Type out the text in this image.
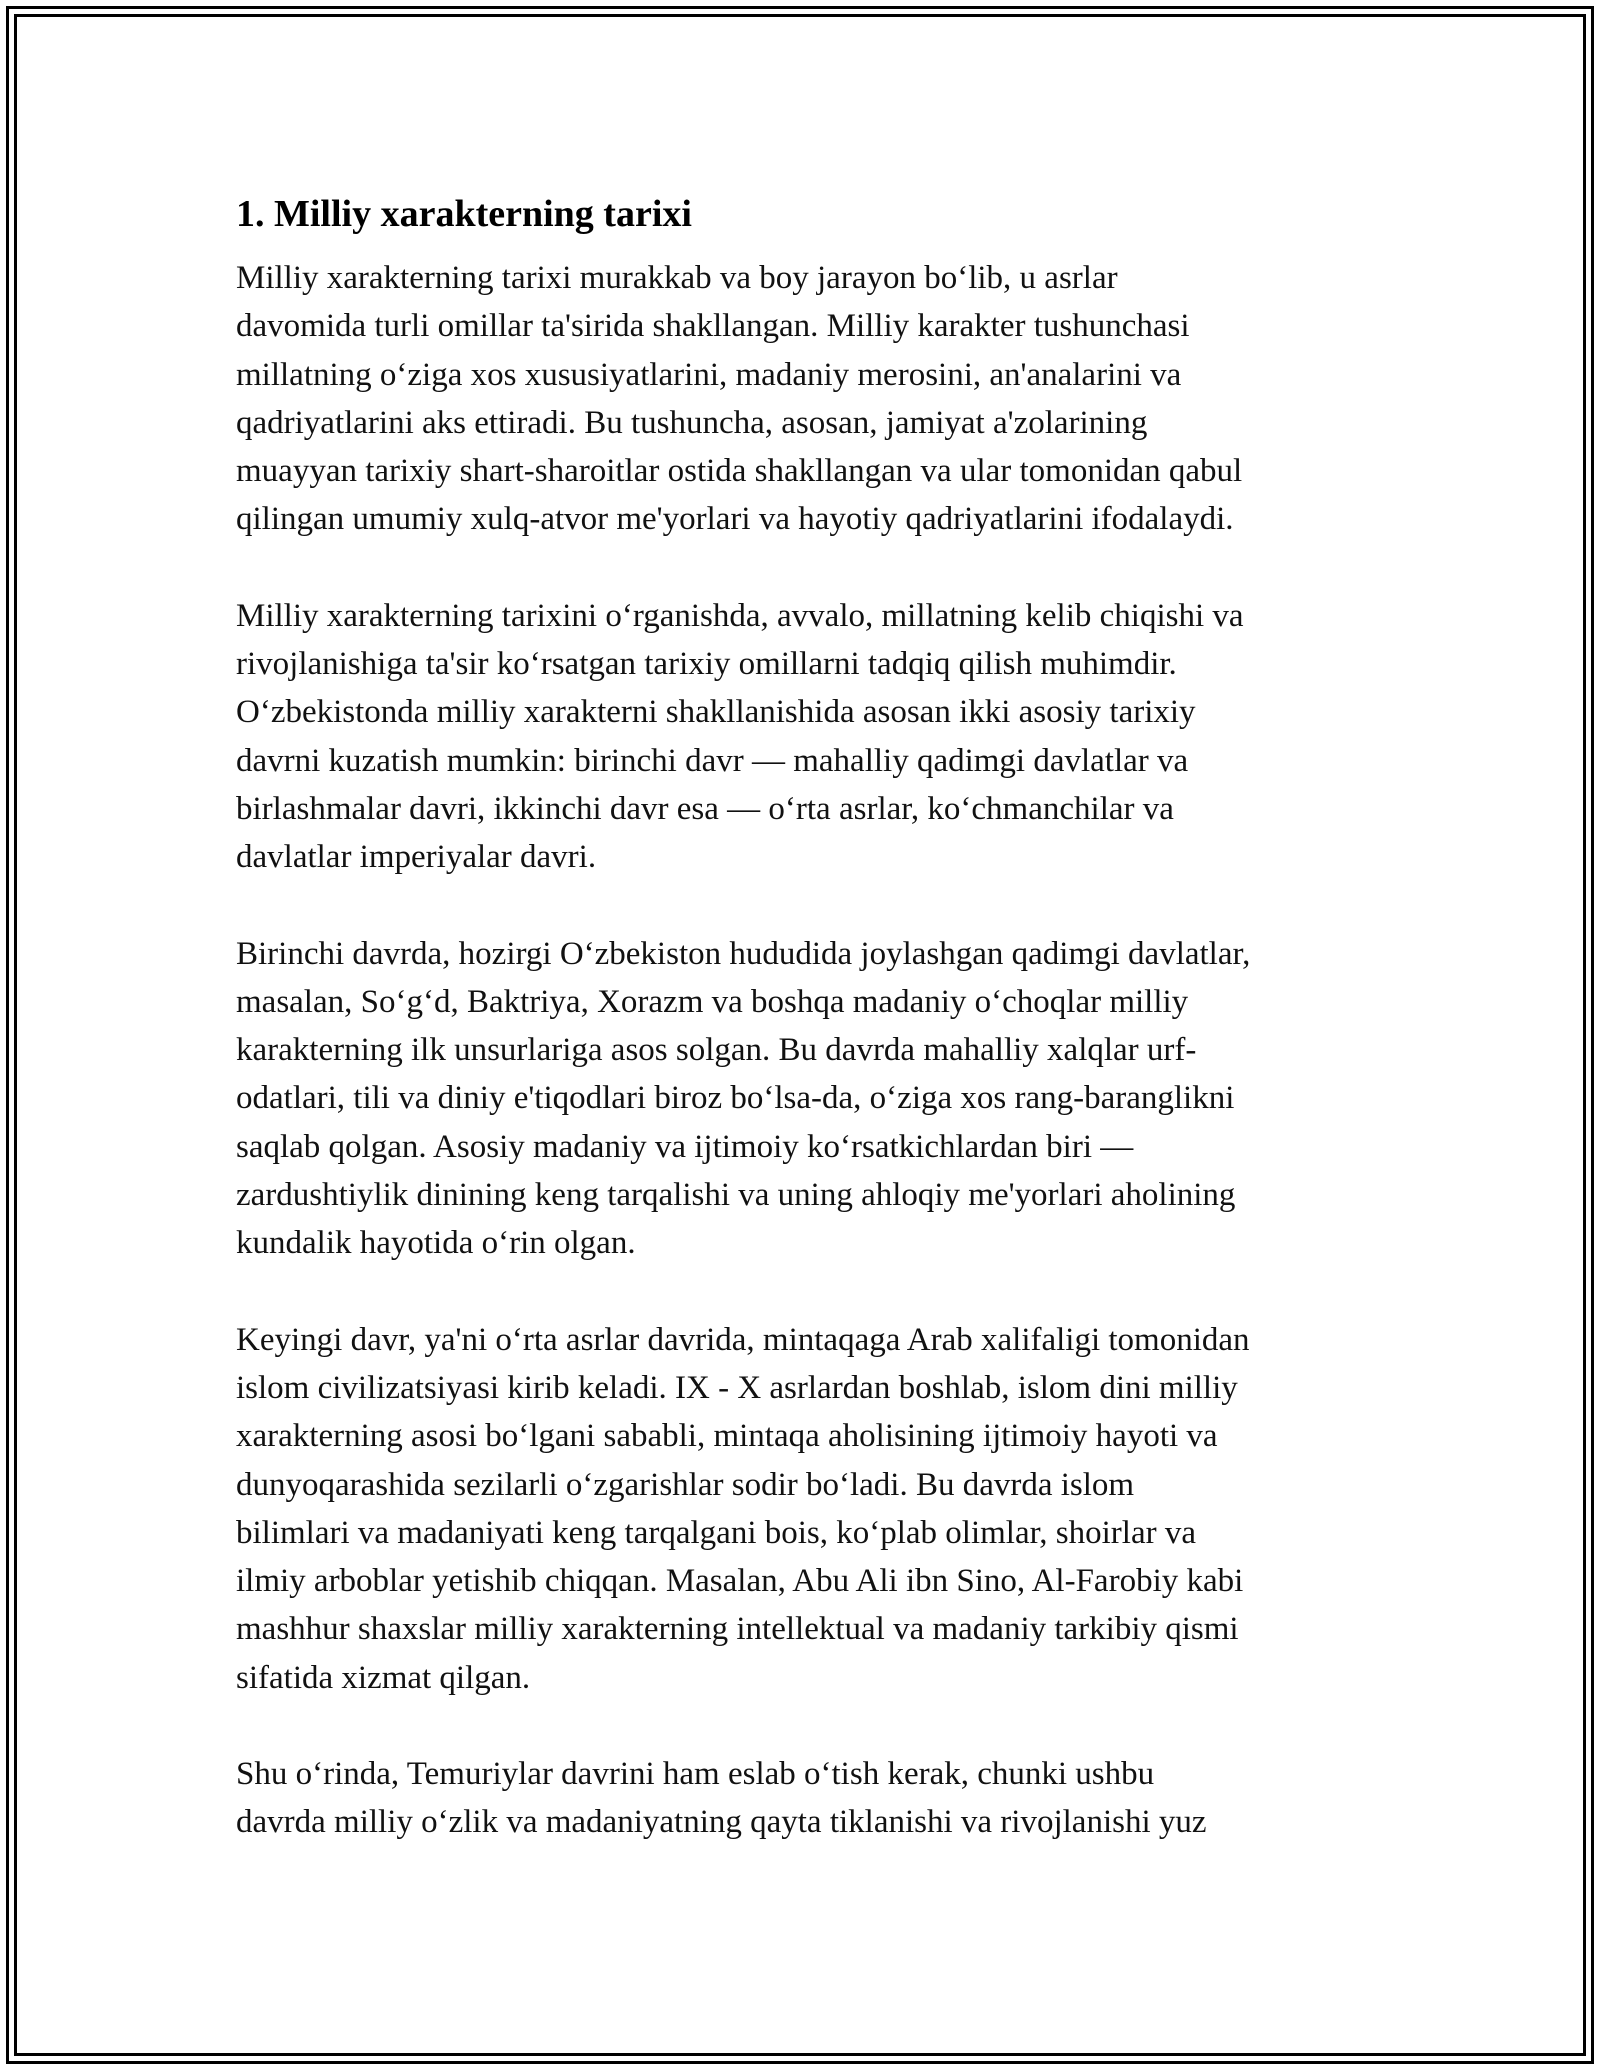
1. Milliy xarakterning tarixi

Milliy xarakterning tarixi murakkab va boy jarayon bo‘lib, u asrlar
davomida turli omillar ta'sirida shakllangan. Milliy karakter tushunchasi
millatning o‘ziga xos xususiyatlarini, madaniy merosini, an'analarini va
qadriyatlarini aks ettiradi. Bu tushuncha, asosan, jamiyat a'zolarining
muayyan tarixiy shart-sharoitlar ostida shakllangan va ular tomonidan qabul
qilingan umumiy xulq-atvor me'yorlari va hayotiy qadriyatlarini ifodalaydi.

Milliy xarakterning tarixini o‘rganishda, avvalo, millatning kelib chiqishi va
rivojlanishiga ta'sir ko‘rsatgan tarixiy omillarni tadqiq qilish muhimdir.
O‘zbekistonda milliy xarakterni shakllanishida asosan ikki asosiy tarixiy
davrni kuzatish mumkin: birinchi davr — mahalliy qadimgi davlatlar va
birlashmalar davri, ikkinchi davr esa — o‘rta asrlar, ko‘chmanchilar va
davlatlar imperiyalar davri.

Birinchi davrda, hozirgi O‘zbekiston hududida joylashgan qadimgi davlatlar,
masalan, So‘g‘d, Baktriya, Xorazm va boshqa madaniy o‘choqlar milliy
karakterning ilk unsurlariga asos solgan. Bu davrda mahalliy xalqlar urf-
odatlari, tili va diniy e'tiqodlari biroz bo‘lsa-da, o‘ziga xos rang-baranglikni
saqlab qolgan. Asosiy madaniy va ijtimoiy ko‘rsatkichlardan biri —
zardushtiylik dinining keng tarqalishi va uning ahloqiy me'yorlari aholining
kundalik hayotida o‘rin olgan.

Keyingi davr, ya'ni o‘rta asrlar davrida, mintaqaga Arab xalifaligi tomonidan
islom civilizatsiyasi kirib keladi. IX - X asrlardan boshlab, islom dini milliy
xarakterning asosi bo‘lgani sababli, mintaqa aholisining ijtimoiy hayoti va
dunyoqarashida sezilarli o‘zgarishlar sodir bo‘ladi. Bu davrda islom
bilimlari va madaniyati keng tarqalgani bois, ko‘plab olimlar, shoirlar va
ilmiy arboblar yetishib chiqqan. Masalan, Abu Ali ibn Sino, Al-Farobiy kabi
mashhur shaxslar milliy xarakterning intellektual va madaniy tarkibiy qismi
sifatida xizmat qilgan.

Shu o‘rinda, Temuriylar davrini ham eslab o‘tish kerak, chunki ushbu
davrda milliy o‘zlik va madaniyatning qayta tiklanishi va rivojlanishi yuz
